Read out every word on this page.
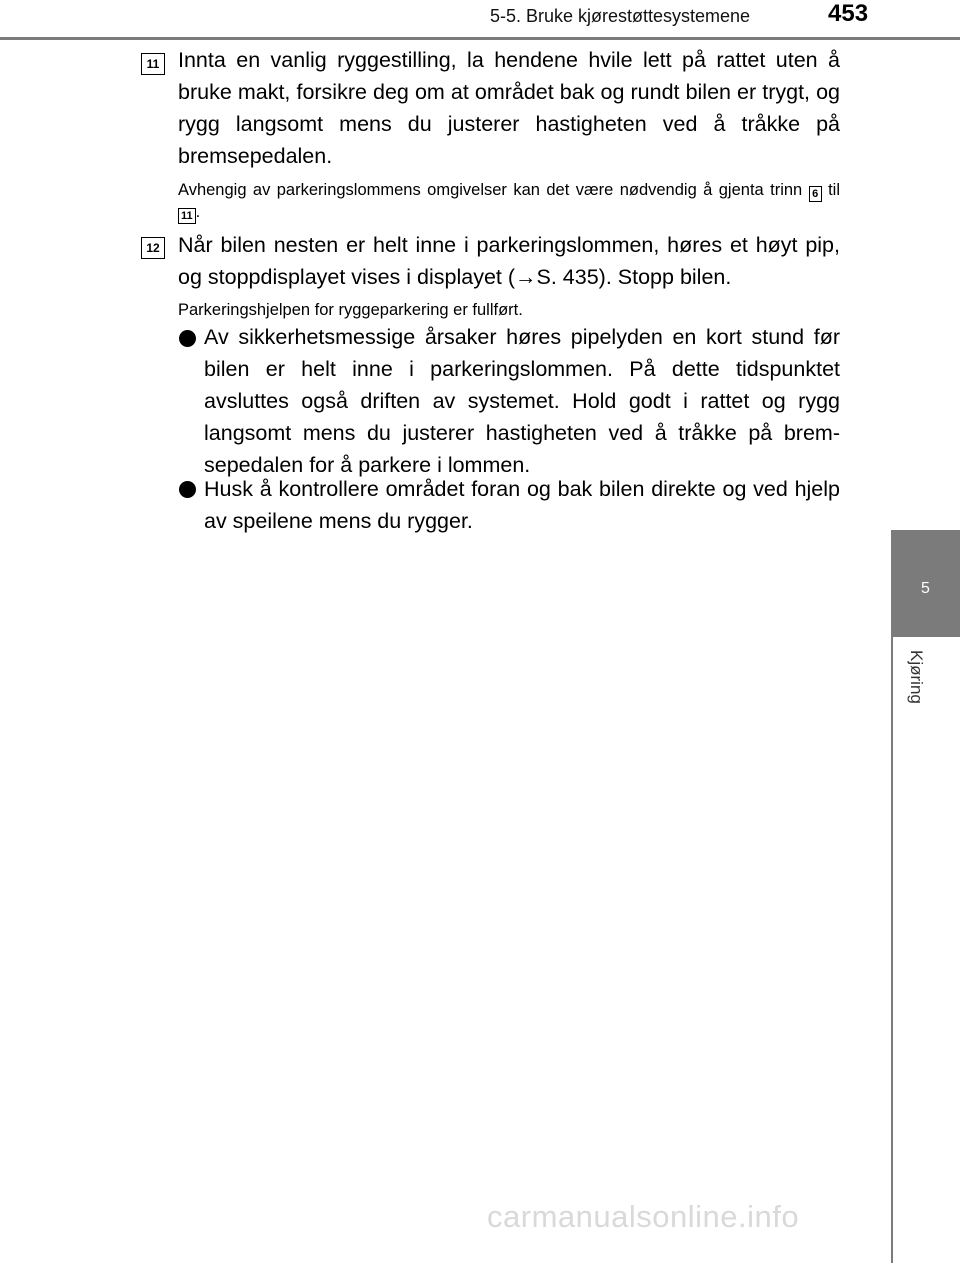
5-5. Bruke kjørestøttesystemene	453
5
Kjøring
11 Innta en vanlig ryggestilling, la hendene hvile lett på rattet uten å bruke makt, forsikre deg om at området bak og rundt bilen er trygt, og rygg langsomt mens du justerer hastigheten ved å tråkke på bremsepedalen.
Avhengig av parkeringslommens omgivelser kan det være nødvendig å gjenta trinn 6 til 11 .
12 Når bilen nesten er helt inne i parkeringslommen, høres et høyt pip, og stoppdisplayet vises i displayet (→S. 435). Stopp bilen.
Parkeringshjelpen for ryggeparkering er fullført.
Av sikkerhetsmessige årsaker høres pipelyden en kort stund før bilen er helt inne i parkeringslommen. På dette tidspunktet avsluttes også driften av systemet. Hold godt i rattet og rygg langsomt mens du justerer hastigheten ved å tråkke på brem-sepedalen for å parkere i lommen.
Husk å kontrollere området foran og bak bilen direkte og ved hjelp av speilene mens du rygger.
carmanualsonline.info
